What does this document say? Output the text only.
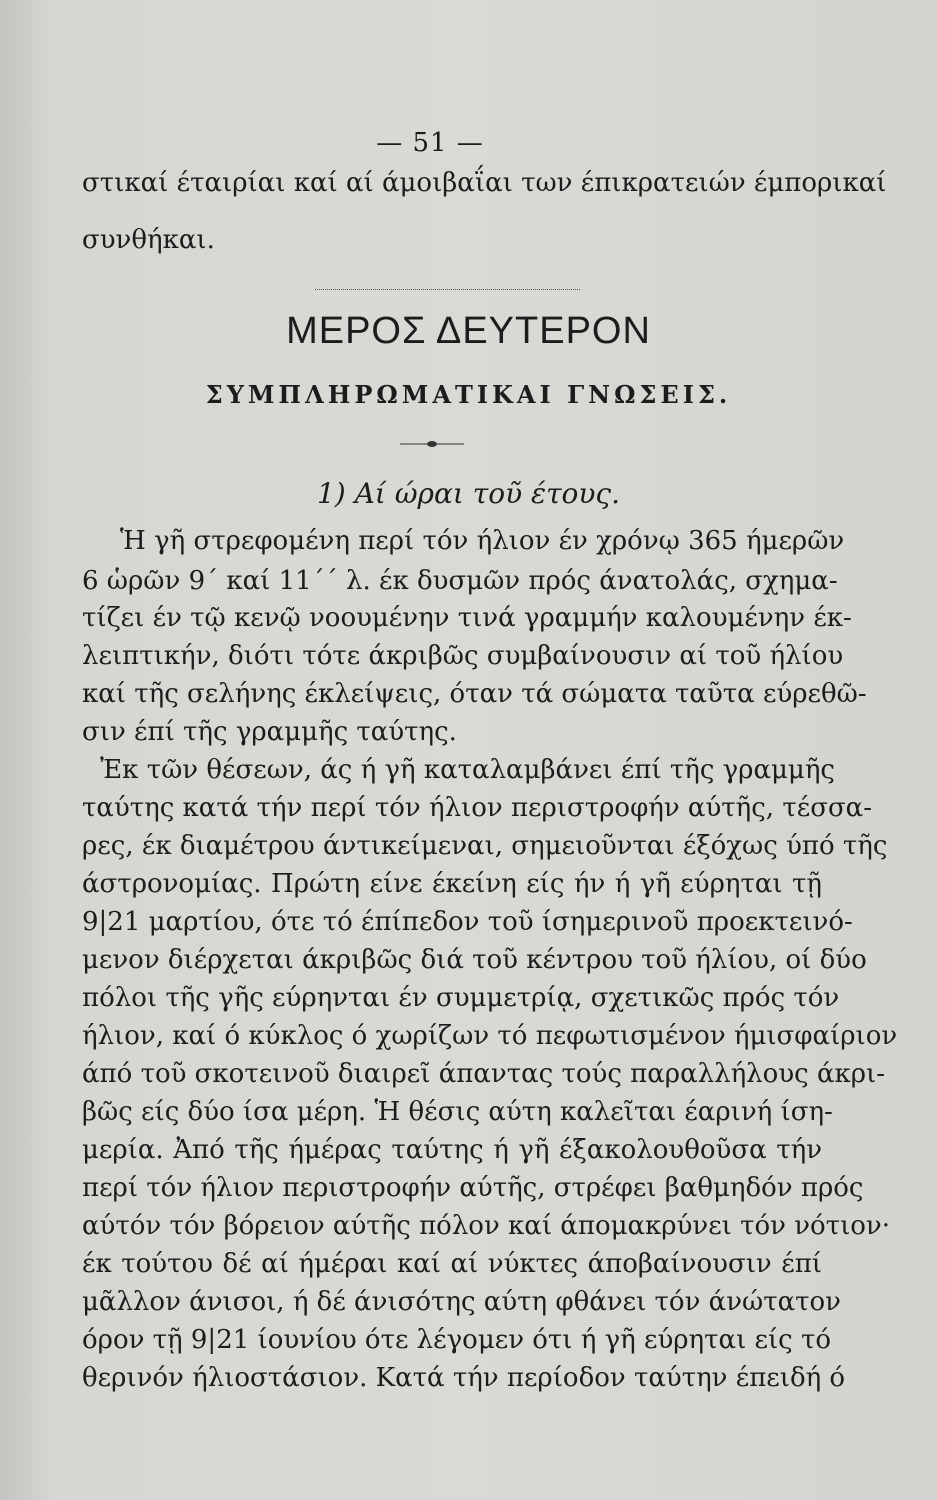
— 51 —
στικαί έταιρίαι καί αί άμοιβαΐαι των έπικρατειών έμπορικαί
συνθήκαι.
ΜΕΡΟΣ ΔΕΥΤΕΡΟΝ
ΣΥΜΠΛΗΡΩΜΑΤΙΚΑΙ ΓΝΩΣΕΙΣ.
1) Αί ώραι τοῦ έτους.
Ἡ γῆ στρεφομένη περί τόν ήλιον έν χρόνῳ 365 ήμερῶν
6 ὡρῶν 9΄ καί 11΄΄ λ. έκ δυσμῶν πρός άνατολάς, σχημα-
τίζει έν τῷ κενῷ νοουμένην τινά γραμμήν καλουμένην έκ-
λειπτικήν, διότι τότε άκριβῶς συμβαίνουσιν αί τοῦ ήλίου
καί τῆς σελήνης έκλείψεις, όταν τά σώματα ταῦτα εύρεθῶ-
σιν έπί τῆς γραμμῆς ταύτης.
Ἐκ τῶν θέσεων, άς ή γῆ καταλαμβάνει έπί τῆς γραμμῆς
ταύτης κατά τήν περί τόν ήλιον περιστροφήν αύτῆς, τέσσα-
ρες, έκ διαμέτρου άντικείμεναι, σημειοῦνται έξόχως ύπό τῆς
άστρονομίας. Πρώτη είνε έκείνη είς ήν ή γῆ εύρηται τῇ
9|21 μαρτίου, ότε τό έπίπεδον τοῦ ίσημερινοῦ προεκτεινό-
μενον διέρχεται άκριβῶς διά τοῦ κέντρου τοῦ ήλίου, οί δύο
πόλοι τῆς γῆς εύρηνται έν συμμετρίᾳ, σχετικῶς πρός τόν
ήλιον, καί ό κύκλος ό χωρίζων τό πεφωτισμένον ήμισφαίριον
άπό τοῦ σκοτεινοῦ διαιρεῖ άπαντας τούς παραλλήλους άκρι-
βῶς είς δύο ίσα μέρη. Ἡ θέσις αύτη καλεῖται έαρινή ίση-
μερία. Ἀπό τῆς ήμέρας ταύτης ή γῆ έξακολουθοῦσα τήν
περί τόν ήλιον περιστροφήν αύτῆς, στρέφει βαθμηδόν πρός
αύτόν τόν βόρειον αύτῆς πόλον καί άπομακρύνει τόν νότιον·
έκ τούτου δέ αί ήμέραι καί αί νύκτες άποβαίνουσιν έπί
μᾶλλον άνισοι, ή δέ άνισότης αύτη φθάνει τόν άνώτατον
όρον τῇ 9|21 ίουνίου ότε λέγομεν ότι ή γῆ εύρηται είς τό
θερινόν ήλιοστάσιον. Κατά τήν περίοδον ταύτην έπειδή ό
